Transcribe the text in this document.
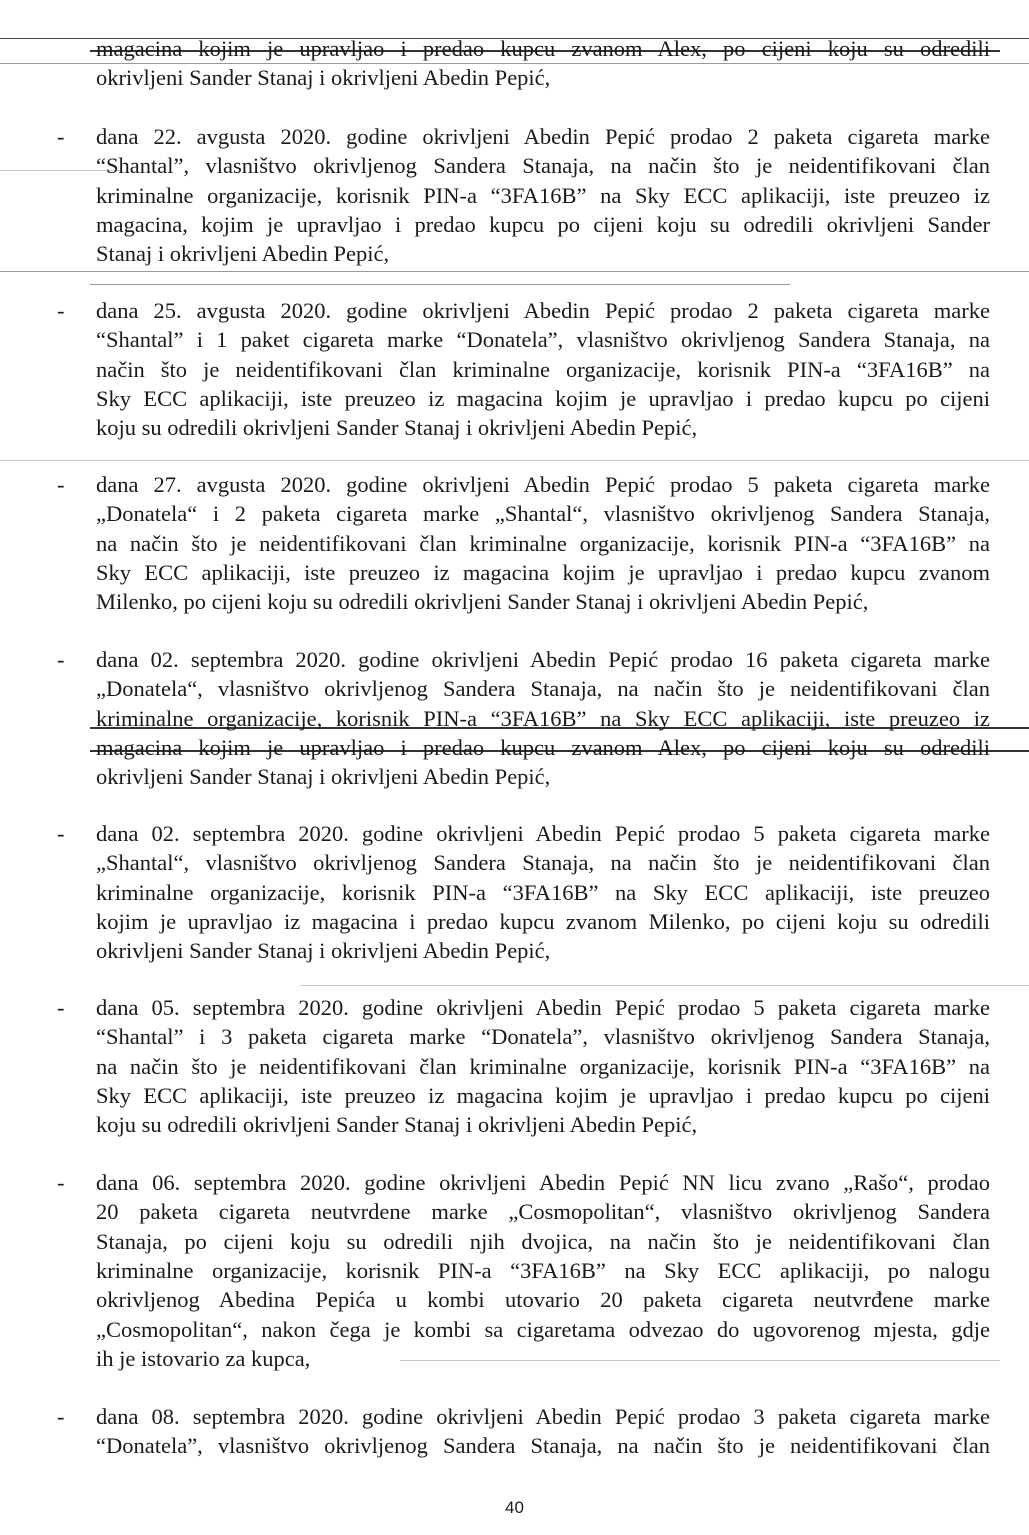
magacina kojim je upravljao i predao kupcu zvanom Alex, po cijeni koju su odredili
okrivljeni Sander Stanaj i okrivljeni Abedin Pepić,
- dana 22. avgusta 2020. godine okrivljeni Abedin Pepić prodao 2 paketa cigareta marke
“Shantal”, vlasništvo okrivljenog Sandera Stanaja, na način što je neidentifikovani član
kriminalne organizacije, korisnik PIN-a “3FA16B” na Sky ECC aplikaciji, iste preuzeo iz
magacina, kojim je upravljao i predao kupcu po cijeni koju su odredili okrivljeni Sander
Stanaj i okrivljeni Abedin Pepić,
- dana 25. avgusta 2020. godine okrivljeni Abedin Pepić prodao 2 paketa cigareta marke
“Shantal” i 1 paket cigareta marke “Donatela”, vlasništvo okrivljenog Sandera Stanaja, na
način što je neidentifikovani član kriminalne organizacije, korisnik PIN-a “3FA16B” na
Sky ECC aplikaciji, iste preuzeo iz magacina kojim je upravljao i predao kupcu po cijeni
koju su odredili okrivljeni Sander Stanaj i okrivljeni Abedin Pepić,
- dana 27. avgusta 2020. godine okrivljeni Abedin Pepić prodao 5 paketa cigareta marke
„Donatela“ i 2 paketa cigareta marke „Shantal“, vlasništvo okrivljenog Sandera Stanaja,
na način što je neidentifikovani član kriminalne organizacije, korisnik PIN-a “3FA16B” na
Sky ECC aplikaciji, iste preuzeo iz magacina kojim je upravljao i predao kupcu zvanom
Milenko, po cijeni koju su odredili okrivljeni Sander Stanaj i okrivljeni Abedin Pepić,
- dana 02. septembra 2020. godine okrivljeni Abedin Pepić prodao 16 paketa cigareta marke
„Donatela“, vlasništvo okrivljenog Sandera Stanaja, na način što je neidentifikovani član
kriminalne organizacije, korisnik PIN-a “3FA16B” na Sky ECC aplikaciji, iste preuzeo iz
magacina kojim je upravljao i predao kupcu zvanom Alex, po cijeni koju su odredili
okrivljeni Sander Stanaj i okrivljeni Abedin Pepić,
- dana 02. septembra 2020. godine okrivljeni Abedin Pepić prodao 5 paketa cigareta marke
„Shantal“, vlasništvo okrivljenog Sandera Stanaja, na način što je neidentifikovani član
kriminalne organizacije, korisnik PIN-a “3FA16B” na Sky ECC aplikaciji, iste preuzeo
kojim je upravljao iz magacina i predao kupcu zvanom Milenko, po cijeni koju su odredili
okrivljeni Sander Stanaj i okrivljeni Abedin Pepić,
- dana 05. septembra 2020. godine okrivljeni Abedin Pepić prodao 5 paketa cigareta marke
“Shantal” i 3 paketa cigareta marke “Donatela”, vlasništvo okrivljenog Sandera Stanaja,
na način što je neidentifikovani član kriminalne organizacije, korisnik PIN-a “3FA16B” na
Sky ECC aplikaciji, iste preuzeo iz magacina kojim je upravljao i predao kupcu po cijeni
koju su odredili okrivljeni Sander Stanaj i okrivljeni Abedin Pepić,
- dana 06. septembra 2020. godine okrivljeni Abedin Pepić NN licu zvano „Rašo“, prodao
20 paketa cigareta neutvrdene marke „Cosmopolitan“, vlasništvo okrivljenog Sandera
Stanaja, po cijeni koju su odredili njih dvojica, na način što je neidentifikovani član
kriminalne organizacije, korisnik PIN-a “3FA16B” na Sky ECC aplikaciji, po nalogu
okrivljenog Abedina Pepića u kombi utovario 20 paketa cigareta neutvrđene marke
„Cosmopolitan“, nakon čega je kombi sa cigaretama odvezao do ugovorenog mjesta, gdje
ih je istovario za kupca,
- dana 08. septembra 2020. godine okrivljeni Abedin Pepić prodao 3 paketa cigareta marke
“Donatela”, vlasništvo okrivljenog Sandera Stanaja, na način što je neidentifikovani član
40
